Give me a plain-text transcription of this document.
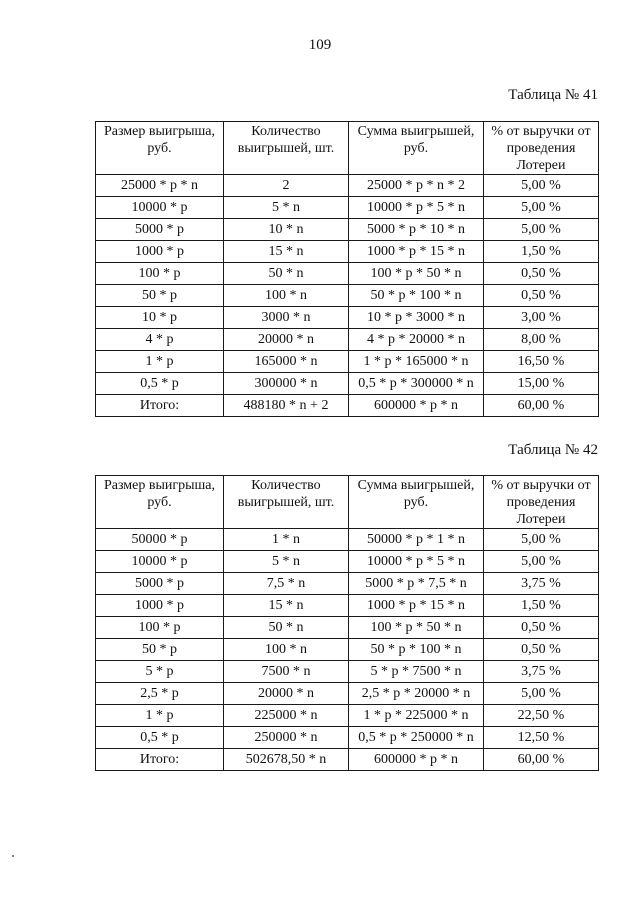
109
Таблица № 41
Размер выигрыша, руб.	Количество выигрышей, шт.	Сумма выигрышей, руб.	% от выручки от проведения Лотереи
25000 * p * n	2	25000 * p * n * 2	5,00 %
10000 * p	5 * n	10000 * p * 5 * n	5,00 %
5000 * p	10 * n	5000 * p * 10 * n	5,00 %
1000 * p	15 * n	1000 * p * 15 * n	1,50 %
100 * p	50 * n	100 * p * 50 * n	0,50 %
50 * p	100 * n	50 * p * 100 * n	0,50 %
10 * p	3000 * n	10 * p * 3000 * n	3,00 %
4 * p	20000 * n	4 * p * 20000 * n	8,00 %
1 * p	165000 * n	1 * p * 165000 * n	16,50 %
0,5 * p	300000 * n	0,5 * p * 300000 * n	15,00 %
Итого:	488180 * n + 2	600000 * p * n	60,00 %
Таблица № 42
Размер выигрыша, руб.	Количество выигрышей, шт.	Сумма выигрышей, руб.	% от выручки от проведения Лотереи
50000 * p	1 * n	50000 * p * 1 * n	5,00 %
10000 * p	5 * n	10000 * p * 5 * n	5,00 %
5000 * p	7,5 * n	5000 * p * 7,5 * n	3,75 %
1000 * p	15 * n	1000 * p * 15 * n	1,50 %
100 * p	50 * n	100 * p * 50 * n	0,50 %
50 * p	100 * n	50 * p * 100 * n	0,50 %
5 * p	7500 * n	5 * p * 7500 * n	3,75 %
2,5 * p	20000 * n	2,5 * p * 20000 * n	5,00 %
1 * p	225000 * n	1 * p * 225000 * n	22,50 %
0,5 * p	250000 * n	0,5 * p * 250000 * n	12,50 %
Итого:	502678,50 * n	600000 * p * n	60,00 %
